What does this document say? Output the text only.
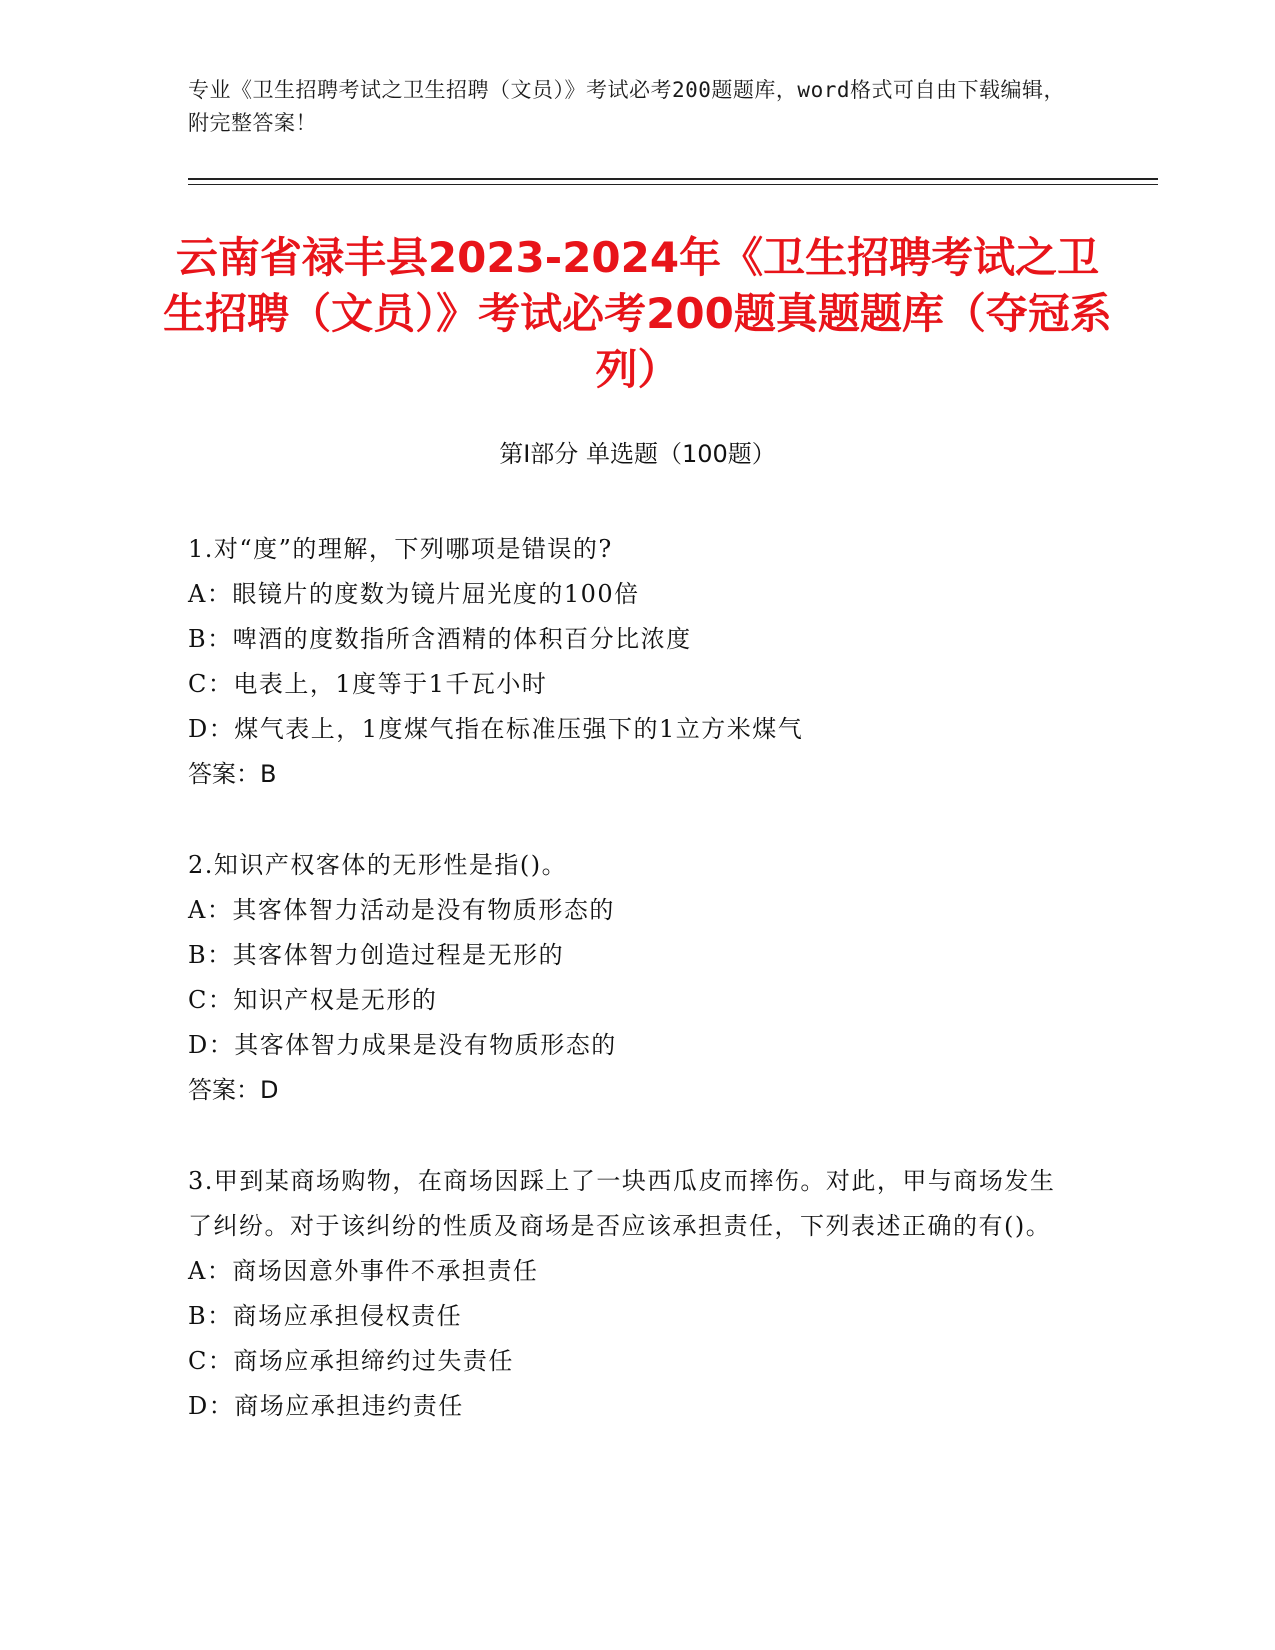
专业《卫生招聘考试之卫生招聘（文员）》考试必考200题题库，word格式可自由下载编辑，附完整答案！
云南省禄丰县2023-2024年《卫生招聘考试之卫生招聘（文员）》考试必考200题真题题库（夺冠系列）
第I部分 单选题（100题）
1.对“度”的理解，下列哪项是错误的?
A：眼镜片的度数为镜片屈光度的100倍
B：啤酒的度数指所含酒精的体积百分比浓度
C：电表上，1度等于1千瓦小时
D：煤气表上，1度煤气指在标准压强下的1立方米煤气
答案：B
2.知识产权客体的无形性是指()。
A：其客体智力活动是没有物质形态的
B：其客体智力创造过程是无形的
C：知识产权是无形的
D：其客体智力成果是没有物质形态的
答案：D
3.甲到某商场购物，在商场因踩上了一块西瓜皮而摔伤。对此，甲与商场发生了纠纷。对于该纠纷的性质及商场是否应该承担责任，下列表述正确的有()。
A：商场因意外事件不承担责任
B：商场应承担侵权责任
C：商场应承担缔约过失责任
D：商场应承担违约责任
